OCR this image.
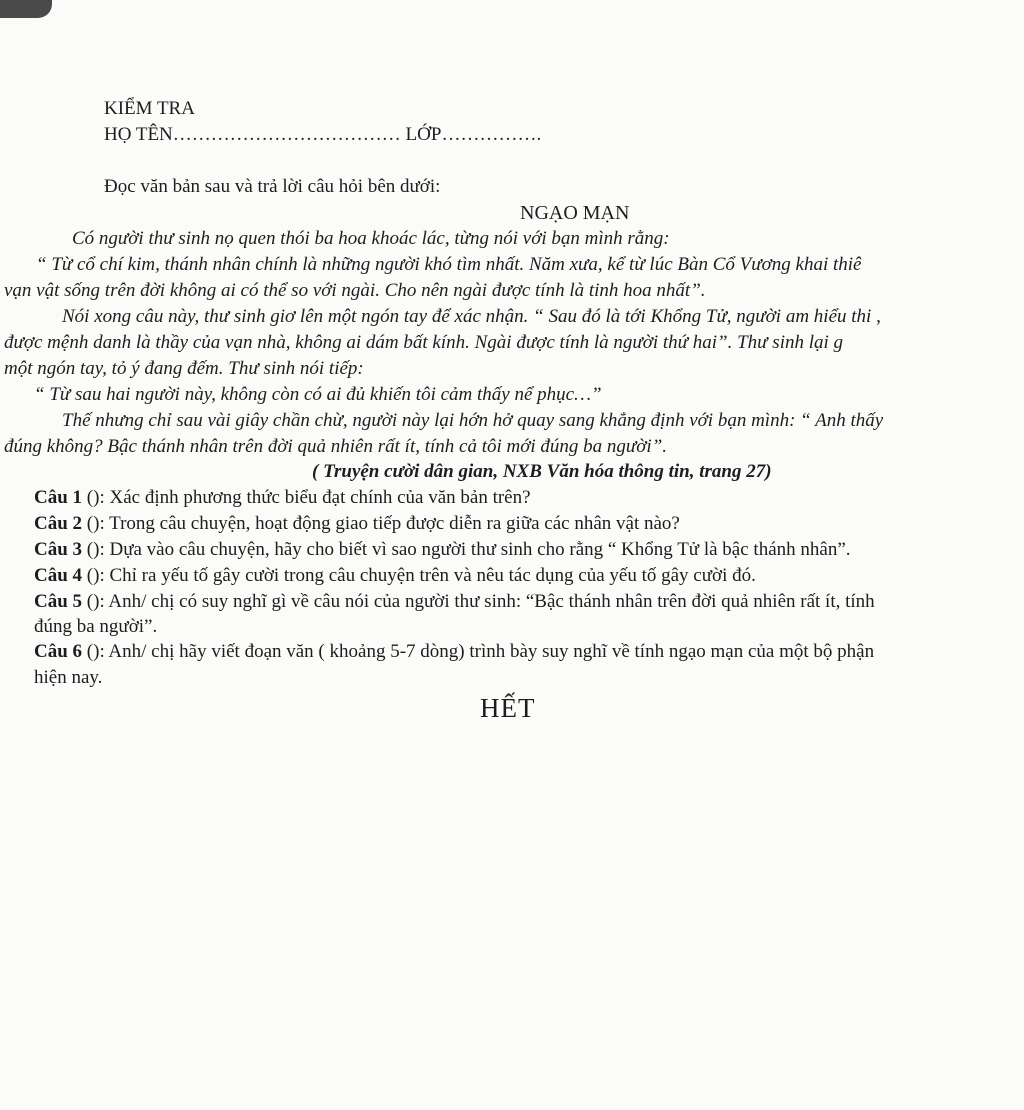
KIỂM TRA
HỌ TÊN……………………………… LỚP…………….
Đọc văn bản sau và trả lời câu hỏi bên dưới:
NGẠO MẠN
Có người thư sinh nọ quen thói ba hoa khoác lác, từng nói với bạn mình rằng:
“ Từ cổ chí kim, thánh nhân chính là những người khó tìm nhất. Năm xưa, kể từ lúc Bàn Cổ Vương khai thiê
vạn vật sống trên đời không ai có thể so với ngài. Cho nên ngài được tính là tinh hoa nhất”.
Nói xong câu này, thư sinh giơ lên một ngón tay để xác nhận. “ Sau đó là tới Khổng Tử, người am hiểu thi ,
được mệnh danh là thầy của vạn nhà, không ai dám bất kính. Ngài được tính là người thứ hai”. Thư sinh lại g
một ngón tay, tỏ ý đang đếm. Thư sinh nói tiếp:
“ Từ sau hai người này, không còn có ai đủ khiến tôi cảm thấy nể phục…”
Thế nhưng chỉ sau vài giây chần chừ, người này lại hớn hở quay sang khẳng định với bạn mình: “ Anh thấy
đúng không? Bậc thánh nhân trên đời quả nhiên rất ít, tính cả tôi mới đúng ba người”.
( Truyện cười dân gian, NXB Văn hóa thông tin, trang 27)
Câu 1 (): Xác định phương thức biểu đạt chính của văn bản trên?
Câu 2 (): Trong câu chuyện, hoạt động giao tiếp được diễn ra giữa các nhân vật nào?
Câu 3 (): Dựa vào câu chuyện, hãy cho biết vì sao người thư sinh cho rằng “ Khổng Tử là bậc thánh nhân”.
Câu 4 (): Chỉ ra yếu tố gây cười trong câu chuyện trên và nêu tác dụng của yếu tố gây cười đó.
Câu 5 (): Anh/ chị có suy nghĩ gì về câu nói của người thư sinh: “Bậc thánh nhân trên đời quả nhiên rất ít, tính
đúng ba người”.
Câu 6 (): Anh/ chị hãy viết đoạn văn ( khoảng 5-7 dòng) trình bày suy nghĩ về tính ngạo mạn của một bộ phận
hiện nay.
HẾT
